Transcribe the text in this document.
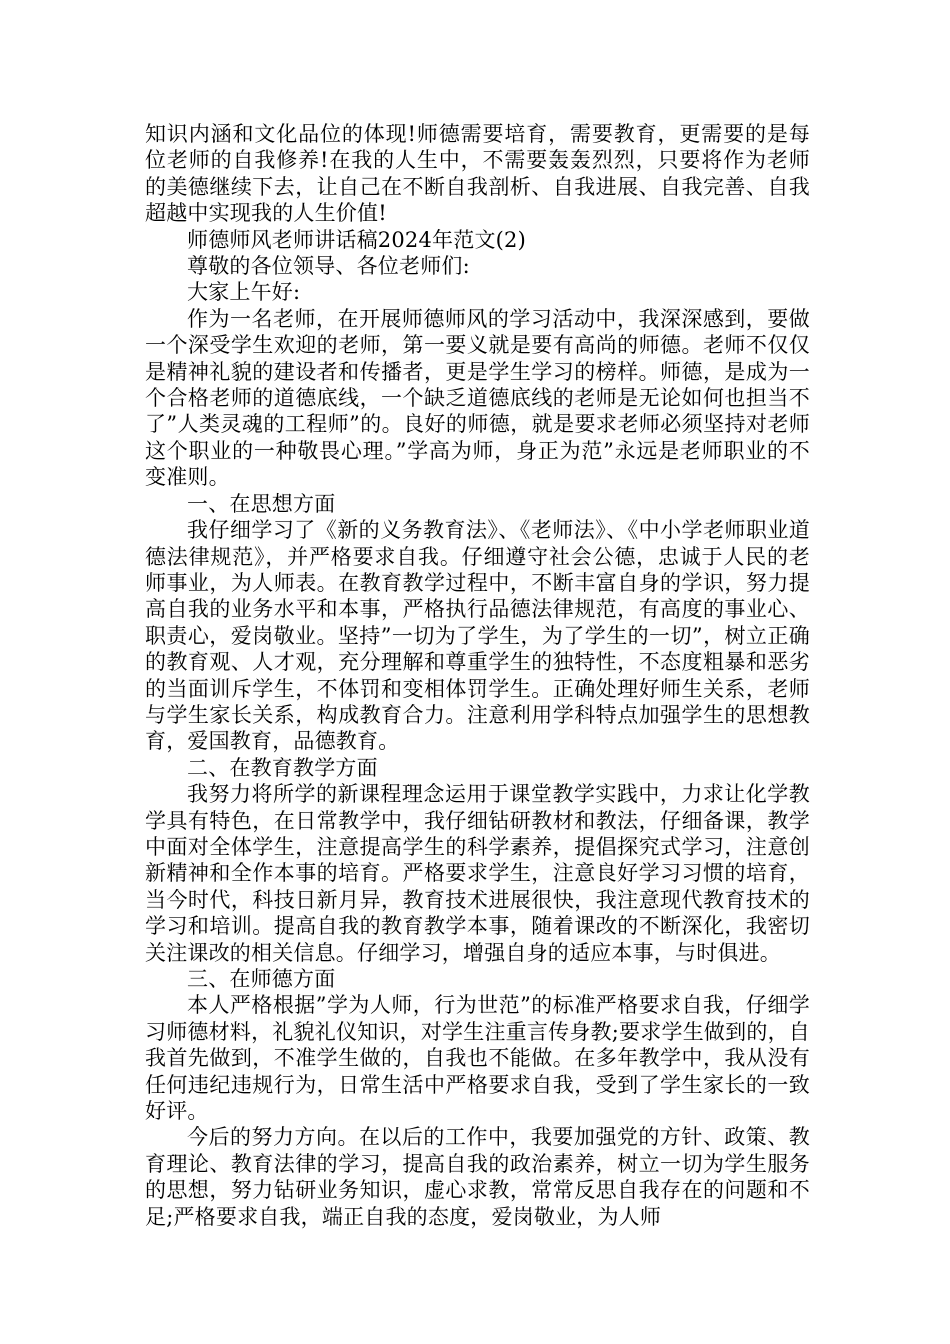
知识内涵和文化品位的体现!师德需要培育，需要教育，更需要的是每位老师的自我修养!在我的人生中，不需要轰轰烈烈，只要将作为老师的美德继续下去，让自己在不断自我剖析、自我进展、自我完善、自我超越中实现我的人生价值!

师德师风老师讲话稿2024年范文(2)

尊敬的各位领导、各位老师们:

大家上午好:

作为一名老师，在开展师德师风的学习活动中，我深深感到，要做一个深受学生欢迎的老师，第一要义就是要有高尚的师德。老师不仅仅是精神礼貌的建设者和传播者，更是学生学习的榜样。师德，是成为一个合格老师的道德底线，一个缺乏道德底线的老师是无论如何也担当不了”人类灵魂的工程师”的。良好的师德，就是要求老师必须坚持对老师这个职业的一种敬畏心理。”学高为师，身正为范”永远是老师职业的不变准则。

一、在思想方面

我仔细学习了《新的义务教育法》、《老师法》、《中小学老师职业道德法律规范》，并严格要求自我。仔细遵守社会公德，忠诚于人民的老师事业，为人师表。在教育教学过程中，不断丰富自身的学识，努力提高自我的业务水平和本事，严格执行品德法律规范，有高度的事业心、职责心，爱岗敬业。坚持”一切为了学生，为了学生的一切”，树立正确的教育观、人才观，充分理解和尊重学生的独特性，不态度粗暴和恶劣的当面训斥学生，不体罚和变相体罚学生。正确处理好师生关系，老师与学生家长关系，构成教育合力。注意利用学科特点加强学生的思想教育，爱国教育，品德教育。

二、在教育教学方面

我努力将所学的新课程理念运用于课堂教学实践中，力求让化学教学具有特色，在日常教学中，我仔细钻研教材和教法，仔细备课，教学中面对全体学生，注意提高学生的科学素养，提倡探究式学习，注意创新精神和全作本事的培育。严格要求学生，注意良好学习习惯的培育，当今时代，科技日新月异，教育技术进展很快，我注意现代教育技术的学习和培训。提高自我的教育教学本事，随着课改的不断深化，我密切关注课改的相关信息。仔细学习，增强自身的适应本事，与时俱进。

三、在师德方面

本人严格根据”学为人师，行为世范”的标准严格要求自我，仔细学习师德材料，礼貌礼仪知识，对学生注重言传身教;要求学生做到的，自我首先做到，不准学生做的，自我也不能做。在多年教学中，我从没有任何违纪违规行为，日常生活中严格要求自我，受到了学生家长的一致好评。

今后的努力方向。在以后的工作中，我要加强党的方针、政策、教育理论、教育法律的学习，提高自我的政治素养，树立一切为学生服务的思想，努力钻研业务知识，虚心求教，常常反思自我存在的问题和不足;严格要求自我，端正自我的态度，爱岗敬业，为人师
